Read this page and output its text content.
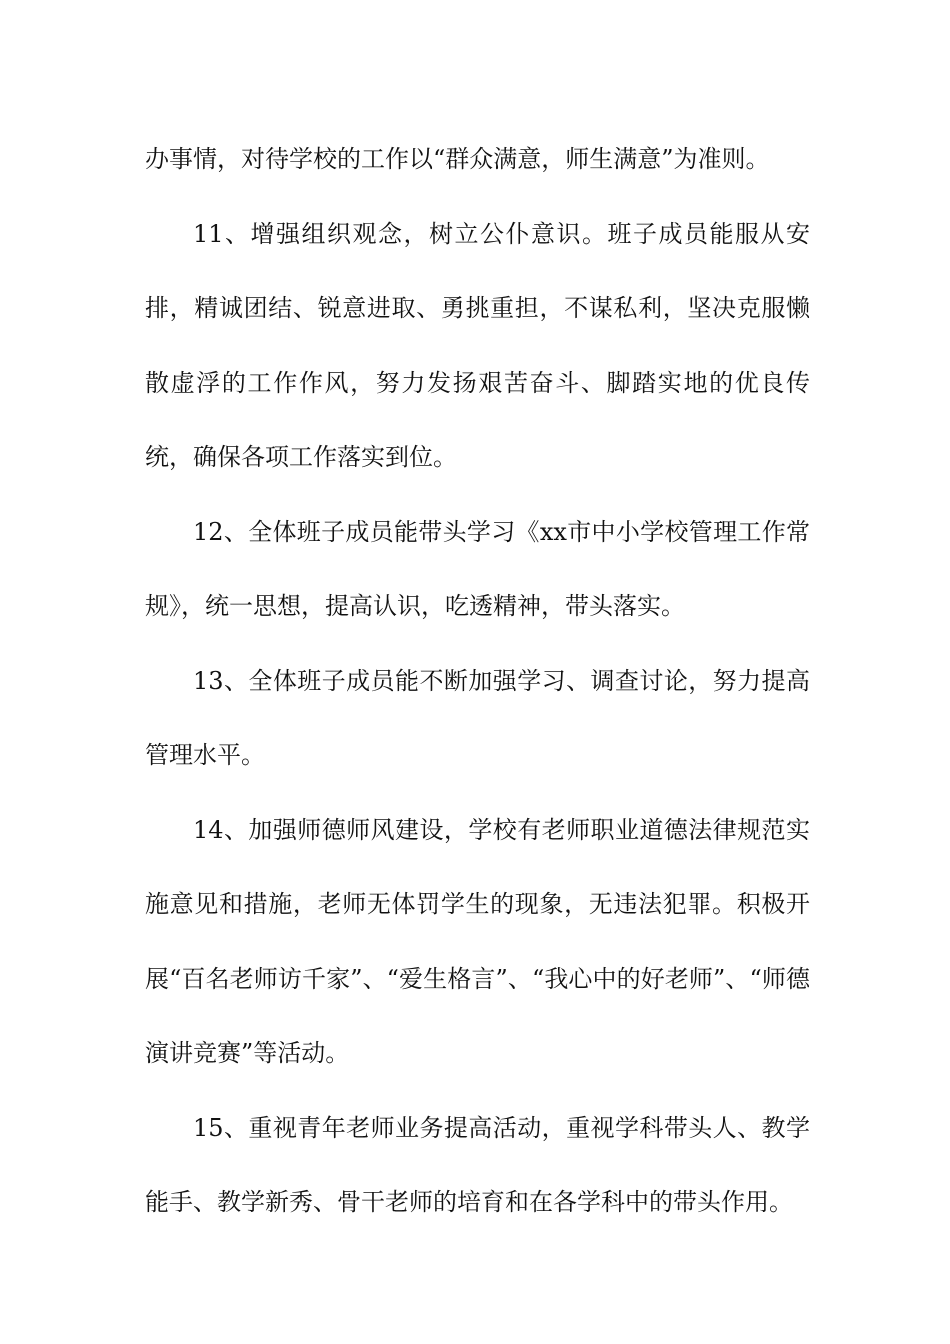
办事情，对待学校的工作以“群众满意，师生满意”为准则。

11、增强组织观念，树立公仆意识。班子成员能服从安排，精诚团结、锐意进取、勇挑重担，不谋私利，坚决克服懒散虚浮的工作作风，努力发扬艰苦奋斗、脚踏实地的优良传统，确保各项工作落实到位。

12、全体班子成员能带头学习《xx市中小学校管理工作常规》，统一思想，提高认识，吃透精神，带头落实。

13、全体班子成员能不断加强学习、调查讨论，努力提高管理水平。

14、加强师德师风建设，学校有老师职业道德法律规范实施意见和措施，老师无体罚学生的现象，无违法犯罪。积极开展“百名老师访千家”、“爱生格言”、“我心中的好老师”、“师德演讲竞赛”等活动。

15、重视青年老师业务提高活动，重视学科带头人、教学能手、教学新秀、骨干老师的培育和在各学科中的带头作用。
